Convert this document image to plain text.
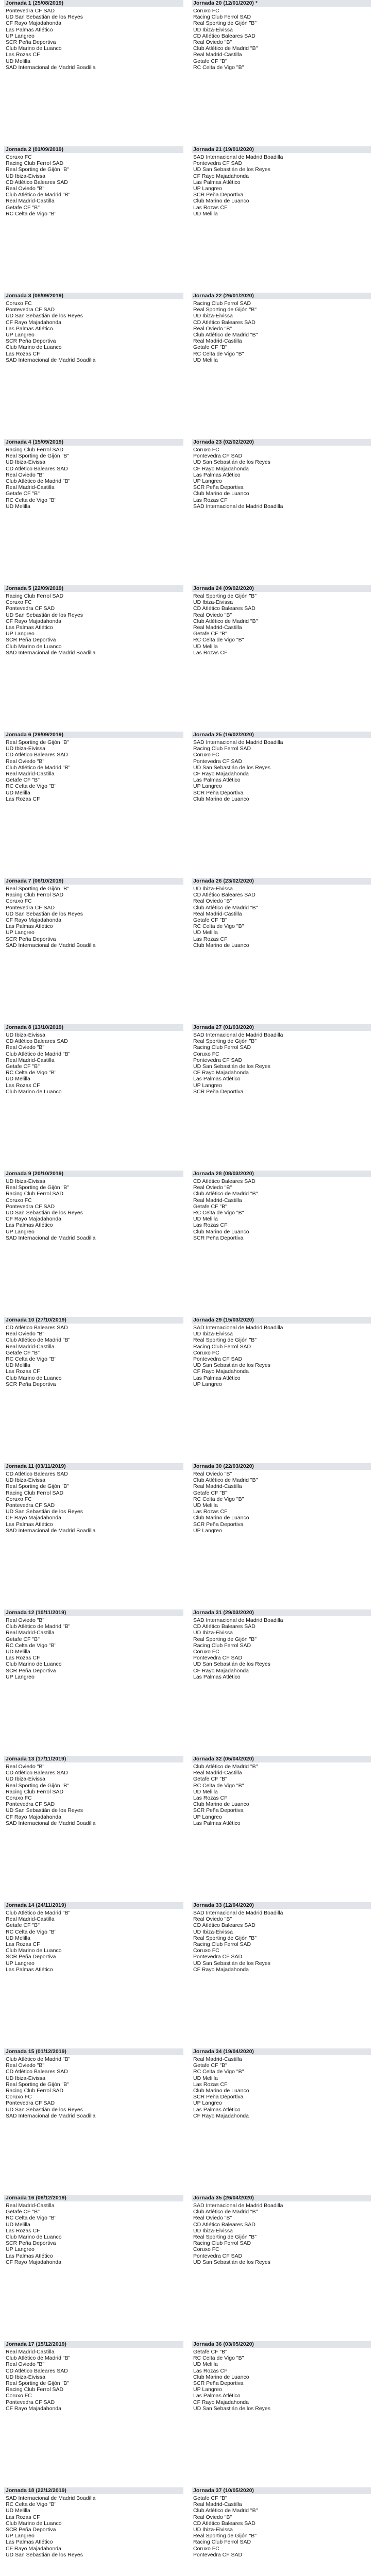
Jornada 1 (25/08/2019)
Pontevedra CF SAD
UD San Sebastián de los Reyes
CF Rayo Majadahonda
Las Palmas Atlético
UP Langreo
SCR Peña Deportiva
Club Marino de Luanco
Las Rozas CF
UD Melilla
SAD Internacional de Madrid Boadilla
Jornada 20 (12/01/2020) *
Coruxo FC
Racing Club Ferrol SAD
Real Sporting de Gijón "B"
UD Ibiza-Eivissa
CD Atlético Baleares SAD
Real Oviedo "B"
Club Atlético de Madrid "B"
Real Madrid-Castilla
Getafe CF "B"
RC Celta de Vigo "B"
Jornada 2 (01/09/2019)
Coruxo FC
Racing Club Ferrol SAD
Real Sporting de Gijón "B"
UD Ibiza-Eivissa
CD Atlético Baleares SAD
Real Oviedo "B"
Club Atlético de Madrid "B"
Real Madrid-Castilla
Getafe CF "B"
RC Celta de Vigo "B"
Jornada 21 (19/01/2020)
SAD Internacional de Madrid Boadilla
Pontevedra CF SAD
UD San Sebastián de los Reyes
CF Rayo Majadahonda
Las Palmas Atlético
UP Langreo
SCR Peña Deportiva
Club Marino de Luanco
Las Rozas CF
UD Melilla
Jornada 3 (08/09/2019)
Coruxo FC
Pontevedra CF SAD
UD San Sebastián de los Reyes
CF Rayo Majadahonda
Las Palmas Atlético
UP Langreo
SCR Peña Deportiva
Club Marino de Luanco
Las Rozas CF
SAD Internacional de Madrid Boadilla
Jornada 22 (26/01/2020)
Racing Club Ferrol SAD
Real Sporting de Gijón "B"
UD Ibiza-Eivissa
CD Atlético Baleares SAD
Real Oviedo "B"
Club Atlético de Madrid "B"
Real Madrid-Castilla
Getafe CF "B"
RC Celta de Vigo "B"
UD Melilla
Jornada 4 (15/09/2019)
Racing Club Ferrol SAD
Real Sporting de Gijón "B"
UD Ibiza-Eivissa
CD Atlético Baleares SAD
Real Oviedo "B"
Club Atlético de Madrid "B"
Real Madrid-Castilla
Getafe CF "B"
RC Celta de Vigo "B"
UD Melilla
Jornada 23 (02/02/2020)
Coruxo FC
Pontevedra CF SAD
UD San Sebastián de los Reyes
CF Rayo Majadahonda
Las Palmas Atlético
UP Langreo
SCR Peña Deportiva
Club Marino de Luanco
Las Rozas CF
SAD Internacional de Madrid Boadilla
Jornada 5 (22/09/2019)
Racing Club Ferrol SAD
Coruxo FC
Pontevedra CF SAD
UD San Sebastián de los Reyes
CF Rayo Majadahonda
Las Palmas Atlético
UP Langreo
SCR Peña Deportiva
Club Marino de Luanco
SAD Internacional de Madrid Boadilla
Jornada 24 (09/02/2020)
Real Sporting de Gijón "B"
UD Ibiza-Eivissa
CD Atlético Baleares SAD
Real Oviedo "B"
Club Atlético de Madrid "B"
Real Madrid-Castilla
Getafe CF "B"
RC Celta de Vigo "B"
UD Melilla
Las Rozas CF
Jornada 6 (29/09/2019)
Real Sporting de Gijón "B"
UD Ibiza-Eivissa
CD Atlético Baleares SAD
Real Oviedo "B"
Club Atlético de Madrid "B"
Real Madrid-Castilla
Getafe CF "B"
RC Celta de Vigo "B"
UD Melilla
Las Rozas CF
Jornada 25 (16/02/2020)
SAD Internacional de Madrid Boadilla
Racing Club Ferrol SAD
Coruxo FC
Pontevedra CF SAD
UD San Sebastián de los Reyes
CF Rayo Majadahonda
Las Palmas Atlético
UP Langreo
SCR Peña Deportiva
Club Marino de Luanco
Jornada 7 (06/10/2019)
Real Sporting de Gijón "B"
Racing Club Ferrol SAD
Coruxo FC
Pontevedra CF SAD
UD San Sebastián de los Reyes
CF Rayo Majadahonda
Las Palmas Atlético
UP Langreo
SCR Peña Deportiva
SAD Internacional de Madrid Boadilla
Jornada 26 (23/02/2020)
UD Ibiza-Eivissa
CD Atlético Baleares SAD
Real Oviedo "B"
Club Atlético de Madrid "B"
Real Madrid-Castilla
Getafe CF "B"
RC Celta de Vigo "B"
UD Melilla
Las Rozas CF
Club Marino de Luanco
Jornada 8 (13/10/2019)
UD Ibiza-Eivissa
CD Atlético Baleares SAD
Real Oviedo "B"
Club Atlético de Madrid "B"
Real Madrid-Castilla
Getafe CF "B"
RC Celta de Vigo "B"
UD Melilla
Las Rozas CF
Club Marino de Luanco
Jornada 27 (01/03/2020)
SAD Internacional de Madrid Boadilla
Real Sporting de Gijón "B"
Racing Club Ferrol SAD
Coruxo FC
Pontevedra CF SAD
UD San Sebastián de los Reyes
CF Rayo Majadahonda
Las Palmas Atlético
UP Langreo
SCR Peña Deportiva
Jornada 9 (20/10/2019)
UD Ibiza-Eivissa
Real Sporting de Gijón "B"
Racing Club Ferrol SAD
Coruxo FC
Pontevedra CF SAD
UD San Sebastián de los Reyes
CF Rayo Majadahonda
Las Palmas Atlético
UP Langreo
SAD Internacional de Madrid Boadilla
Jornada 28 (08/03/2020)
CD Atlético Baleares SAD
Real Oviedo "B"
Club Atlético de Madrid "B"
Real Madrid-Castilla
Getafe CF "B"
RC Celta de Vigo "B"
UD Melilla
Las Rozas CF
Club Marino de Luanco
SCR Peña Deportiva
Jornada 10 (27/10/2019)
CD Atlético Baleares SAD
Real Oviedo "B"
Club Atlético de Madrid "B"
Real Madrid-Castilla
Getafe CF "B"
RC Celta de Vigo "B"
UD Melilla
Las Rozas CF
Club Marino de Luanco
SCR Peña Deportiva
Jornada 29 (15/03/2020)
SAD Internacional de Madrid Boadilla
UD Ibiza-Eivissa
Real Sporting de Gijón "B"
Racing Club Ferrol SAD
Coruxo FC
Pontevedra CF SAD
UD San Sebastián de los Reyes
CF Rayo Majadahonda
Las Palmas Atlético
UP Langreo
Jornada 11 (03/11/2019)
CD Atlético Baleares SAD
UD Ibiza-Eivissa
Real Sporting de Gijón "B"
Racing Club Ferrol SAD
Coruxo FC
Pontevedra CF SAD
UD San Sebastián de los Reyes
CF Rayo Majadahonda
Las Palmas Atlético
SAD Internacional de Madrid Boadilla
Jornada 30 (22/03/2020)
Real Oviedo "B"
Club Atlético de Madrid "B"
Real Madrid-Castilla
Getafe CF "B"
RC Celta de Vigo "B"
UD Melilla
Las Rozas CF
Club Marino de Luanco
SCR Peña Deportiva
UP Langreo
Jornada 12 (10/11/2019)
Real Oviedo "B"
Club Atlético de Madrid "B"
Real Madrid-Castilla
Getafe CF "B"
RC Celta de Vigo "B"
UD Melilla
Las Rozas CF
Club Marino de Luanco
SCR Peña Deportiva
UP Langreo
Jornada 31 (29/03/2020)
SAD Internacional de Madrid Boadilla
CD Atlético Baleares SAD
UD Ibiza-Eivissa
Real Sporting de Gijón "B"
Racing Club Ferrol SAD
Coruxo FC
Pontevedra CF SAD
UD San Sebastián de los Reyes
CF Rayo Majadahonda
Las Palmas Atlético
Jornada 13 (17/11/2019)
Real Oviedo "B"
CD Atlético Baleares SAD
UD Ibiza-Eivissa
Real Sporting de Gijón "B"
Racing Club Ferrol SAD
Coruxo FC
Pontevedra CF SAD
UD San Sebastián de los Reyes
CF Rayo Majadahonda
SAD Internacional de Madrid Boadilla
Jornada 32 (05/04/2020)
Club Atlético de Madrid "B"
Real Madrid-Castilla
Getafe CF "B"
RC Celta de Vigo "B"
UD Melilla
Las Rozas CF
Club Marino de Luanco
SCR Peña Deportiva
UP Langreo
Las Palmas Atlético
Jornada 14 (24/11/2019)
Club Atlético de Madrid "B"
Real Madrid-Castilla
Getafe CF "B"
RC Celta de Vigo "B"
UD Melilla
Las Rozas CF
Club Marino de Luanco
SCR Peña Deportiva
UP Langreo
Las Palmas Atlético
Jornada 33 (12/04/2020)
SAD Internacional de Madrid Boadilla
Real Oviedo "B"
CD Atlético Baleares SAD
UD Ibiza-Eivissa
Real Sporting de Gijón "B"
Racing Club Ferrol SAD
Coruxo FC
Pontevedra CF SAD
UD San Sebastián de los Reyes
CF Rayo Majadahonda
Jornada 15 (01/12/2019)
Club Atlético de Madrid "B"
Real Oviedo "B"
CD Atlético Baleares SAD
UD Ibiza-Eivissa
Real Sporting de Gijón "B"
Racing Club Ferrol SAD
Coruxo FC
Pontevedra CF SAD
UD San Sebastián de los Reyes
SAD Internacional de Madrid Boadilla
Jornada 34 (19/04/2020)
Real Madrid-Castilla
Getafe CF "B"
RC Celta de Vigo "B"
UD Melilla
Las Rozas CF
Club Marino de Luanco
SCR Peña Deportiva
UP Langreo
Las Palmas Atlético
CF Rayo Majadahonda
Jornada 16 (08/12/2019)
Real Madrid-Castilla
Getafe CF "B"
RC Celta de Vigo "B"
UD Melilla
Las Rozas CF
Club Marino de Luanco
SCR Peña Deportiva
UP Langreo
Las Palmas Atlético
CF Rayo Majadahonda
Jornada 35 (26/04/2020)
SAD Internacional de Madrid Boadilla
Club Atlético de Madrid "B"
Real Oviedo "B"
CD Atlético Baleares SAD
UD Ibiza-Eivissa
Real Sporting de Gijón "B"
Racing Club Ferrol SAD
Coruxo FC
Pontevedra CF SAD
UD San Sebastián de los Reyes
Jornada 17 (15/12/2019)
Real Madrid-Castilla
Club Atlético de Madrid "B"
Real Oviedo "B"
CD Atlético Baleares SAD
UD Ibiza-Eivissa
Real Sporting de Gijón "B"
Racing Club Ferrol SAD
Coruxo FC
Pontevedra CF SAD
CF Rayo Majadahonda
Jornada 36 (03/05/2020)
Getafe CF "B"
RC Celta de Vigo "B"
UD Melilla
Las Rozas CF
Club Marino de Luanco
SCR Peña Deportiva
UP Langreo
Las Palmas Atlético
CF Rayo Majadahonda
UD San Sebastián de los Reyes
Jornada 18 (22/12/2019)
SAD Internacional de Madrid Boadilla
RC Celta de Vigo "B"
UD Melilla
Las Rozas CF
Club Marino de Luanco
SCR Peña Deportiva
UP Langreo
Las Palmas Atlético
CF Rayo Majadahonda
UD San Sebastián de los Reyes
Jornada 37 (10/05/2020)
Getafe CF "B"
Real Madrid-Castilla
Club Atlético de Madrid "B"
Real Oviedo "B"
CD Atlético Baleares SAD
UD Ibiza-Eivissa
Real Sporting de Gijón "B"
Racing Club Ferrol SAD
Coruxo FC
Pontevedra CF SAD
